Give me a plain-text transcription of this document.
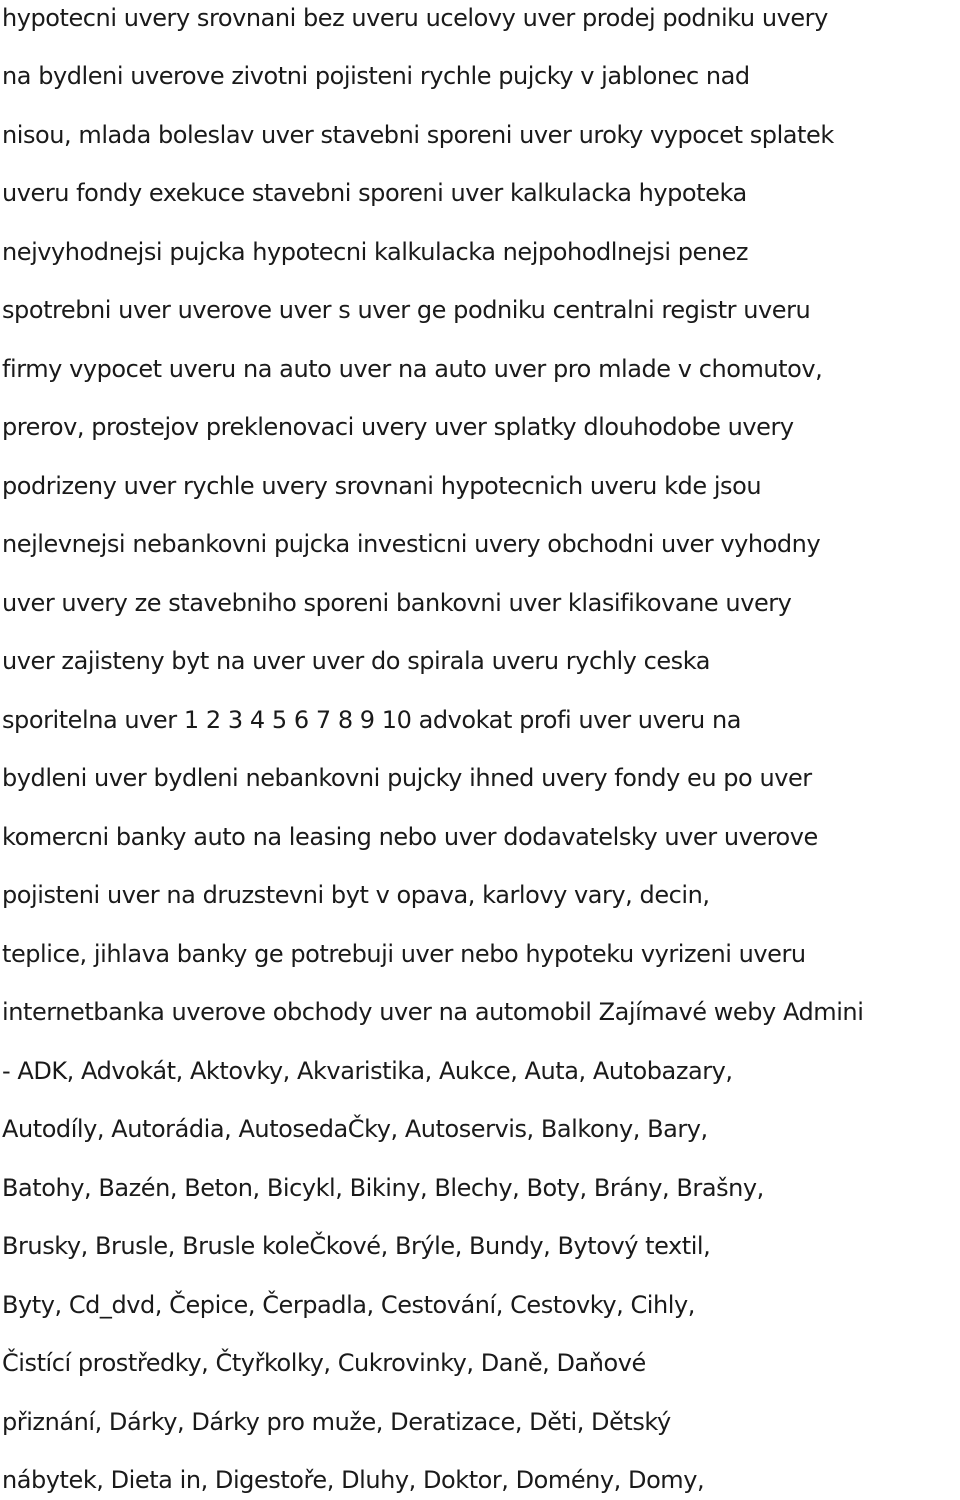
hypotecni uvery srovnani bez uveru ucelovy uver prodej podniku uvery

na bydleni uverove zivotni pojisteni rychle pujcky v jablonec nad

nisou, mlada boleslav uver stavebni sporeni uver uroky vypocet splatek

uveru fondy exekuce stavebni sporeni uver kalkulacka hypoteka

nejvyhodnejsi pujcka hypotecni kalkulacka nejpohodlnejsi penez

spotrebni uver uverove uver s uver ge podniku centralni registr uveru

firmy vypocet uveru na auto uver na auto uver pro mlade v chomutov,

prerov, prostejov preklenovaci uvery uver splatky dlouhodobe uvery

podrizeny uver rychle uvery srovnani hypotecnich uveru kde jsou

nejlevnejsi nebankovni pujcka investicni uvery obchodni uver vyhodny

uver uvery ze stavebniho sporeni bankovni uver klasifikovane uvery

uver zajisteny byt na uver uver do spirala uveru rychly ceska

sporitelna uver 1 2 3 4 5 6 7 8 9 10 advokat profi uver uveru na

bydleni uver bydleni nebankovni pujcky ihned uvery fondy eu po uver

komercni banky auto na leasing nebo uver dodavatelsky uver uverove

pojisteni uver na druzstevni byt v opava, karlovy vary, decin,

teplice, jihlava banky ge potrebuji uver nebo hypoteku vyrizeni uveru

internetbanka uverove obchody uver na automobil Zajímavé weby Admini

- ADK, Advokát, Aktovky, Akvaristika, Aukce, Auta, Autobazary,

Autodíly, Autorádia, AutosedaČky, Autoservis, Balkony, Bary,

Batohy, Bazén, Beton, Bicykl, Bikiny, Blechy, Boty, Brány, Brašny,

Brusky, Brusle, Brusle koleČkové, Brýle, Bundy, Bytový textil,

Byty, Cd_dvd, Čepice, Čerpadla, Cestování, Cestovky, Cihly,

Čistící prostředky, Čtyřkolky, Cukrovinky, Daně, Daňové

přiznání, Dárky, Dárky pro muže, Deratizace, Děti, Dětský

nábytek, Dieta in, Digestoře, Dluhy, Doktor, Domény, Domy,
